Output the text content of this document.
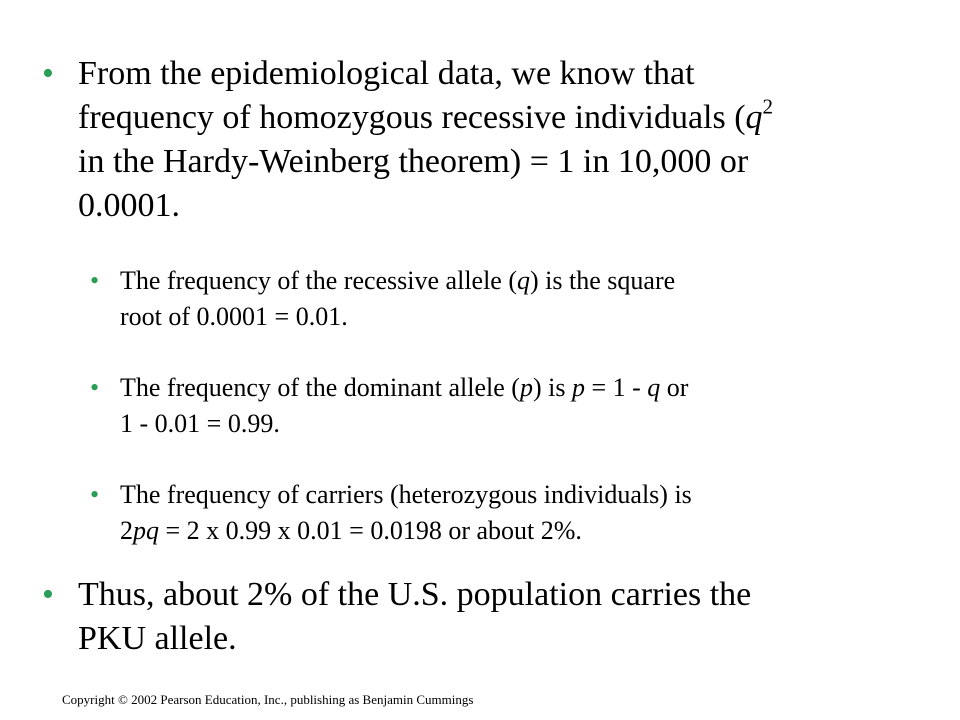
• From the epidemiological data, we know that
frequency of homozygous recessive individuals ($q^2$
in the Hardy-Weinberg theorem) = 1 in 10,000 or
0.0001.
• The frequency of the recessive allele (q) is the square
root of 0.0001 = 0.01.
• The frequency of the dominant allele (p) is p = 1 - q or
1 - 0.01 = 0.99.
• The frequency of carriers (heterozygous individuals) is
2pq = 2 x 0.99 x 0.01 = 0.0198 or about 2%.
• Thus, about 2% of the U.S. population carries the
PKU allele.
Copyright © 2002 Pearson Education, Inc., publishing as Benjamin Cummings
